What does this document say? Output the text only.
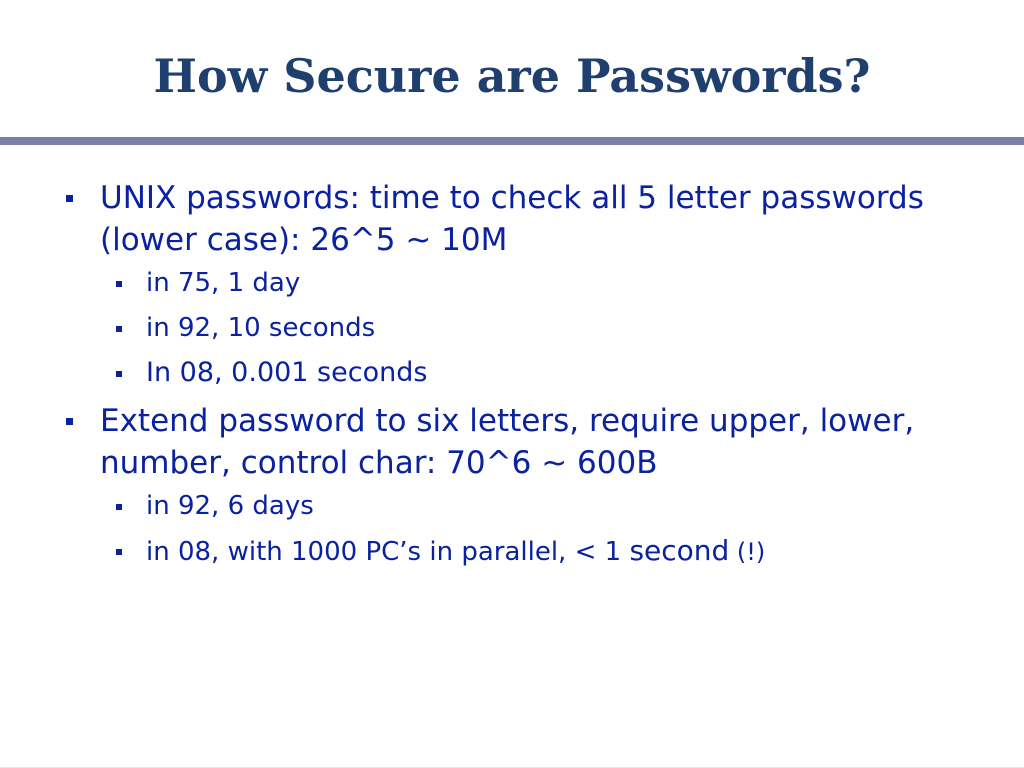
How Secure are Passwords?
UNIX passwords: time to check all 5 letter passwords (lower case): 26^5 ~ 10M
in 75, 1 day
in 92, 10 seconds
In 08, 0.001 seconds
Extend password to six letters, require upper, lower, number, control char: 70^6 ~ 600B
in 92, 6 days
in 08, with 1000 PC’s in parallel, < 1 second (!)
